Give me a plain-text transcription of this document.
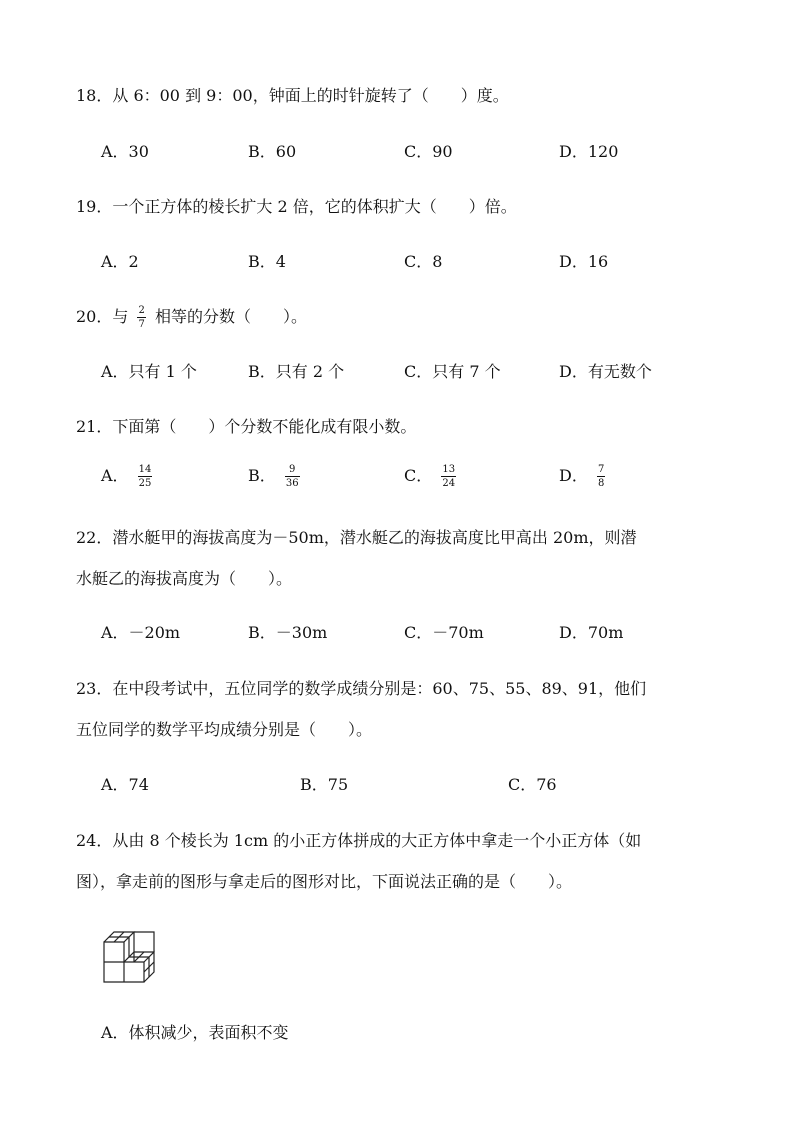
18．从 6：00 到 9：00，钟面上的时针旋转了（　　）度。
A．30	B．60	C．90	D．120
19．一个正方体的棱长扩大 2 倍，它的体积扩大（　　）倍。
A．2	B．4	C．8	D．16
20．与 $\frac{2}{7}$ 相等的分数（　　）。
A．只有 1 个	B．只有 2 个	C．只有 7 个	D．有无数个
21．下面第（　　）个分数不能化成有限小数。
A． $\frac{14}{25}$	B． $\frac{9}{36}$	C． $\frac{13}{24}$	D． $\frac{7}{8}$
22．潜水艇甲的海拔高度为－50m，潜水艇乙的海拔高度比甲高出 20m，则潜
水艇乙的海拔高度为（　　）。
A．－20m	B．－30m	C．－70m	D．70m
23．在中段考试中，五位同学的数学成绩分别是：60、75、55、89、91，他们
五位同学的数学平均成绩分别是（　　）。
A．74	B．75	C．76
24．从由 8 个棱长为 1cm 的小正方体拼成的大正方体中拿走一个小正方体（如
图），拿走前的图形与拿走后的图形对比，下面说法正确的是（　　）。
A．体积减少，表面积不变
